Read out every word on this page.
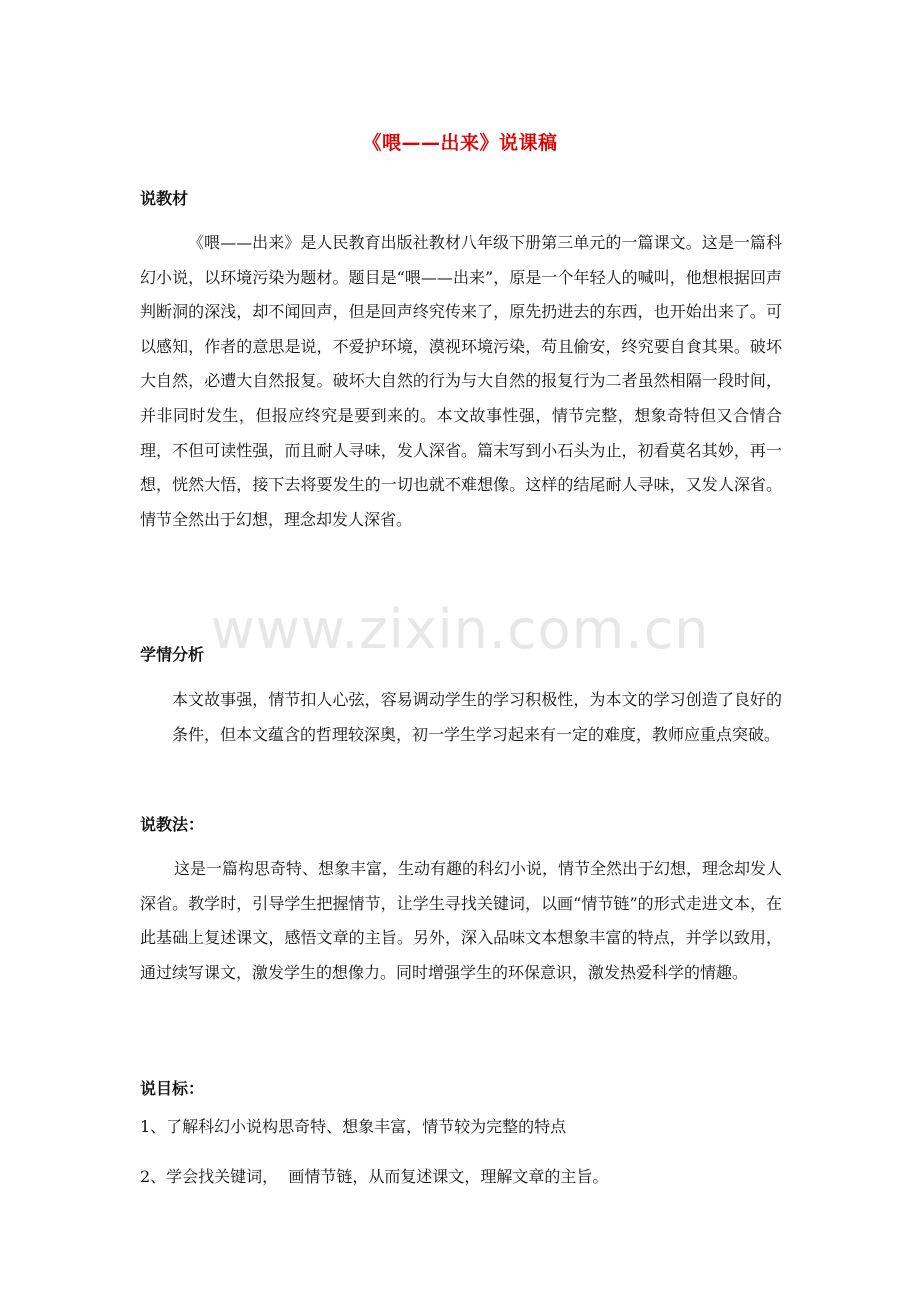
www.zixin.com.cn
《喂——出来》说课稿
说教材
《喂——出来》是人民教育出版社教材八年级下册第三单元的一篇课文。这是一篇科幻小说，以环境污染为题材。题目是“喂——出来”，原是一个年轻人的喊叫，他想根据回声判断洞的深浅，却不闻回声，但是回声终究传来了，原先扔进去的东西，也开始出来了。可以感知，作者的意思是说，不爱护环境，漠视环境污染，苟且偷安，终究要自食其果。破坏大自然，必遭大自然报复。破坏大自然的行为与大自然的报复行为二者虽然相隔一段时间，并非同时发生，但报应终究是要到来的。本文故事性强，情节完整，想象奇特但又合情合理，不但可读性强，而且耐人寻味，发人深省。篇末写到小石头为止，初看莫名其妙，再一想，恍然大悟，接下去将要发生的一切也就不难想像。这样的结尾耐人寻味，又发人深省。情节全然出于幻想，理念却发人深省。
学情分析
本文故事强，情节扣人心弦，容易调动学生的学习积极性，为本文的学习创造了良好的条件，但本文蕴含的哲理较深奥，初一学生学习起来有一定的难度，教师应重点突破。
说教法：
这是一篇构思奇特、想象丰富，生动有趣的科幻小说，情节全然出于幻想，理念却发人深省。教学时，引导学生把握情节，让学生寻找关键词，以画“情节链”的形式走进文本，在此基础上复述课文，感悟文章的主旨。另外，深入品味文本想象丰富的特点，并学以致用，通过续写课文，激发学生的想像力。同时增强学生的环保意识，激发热爱科学的情趣。
说目标：
1、了解科幻小说构思奇特、想象丰富，情节较为完整的特点
2、学会找关键词，  画情节链，从而复述课文，理解文章的主旨。
